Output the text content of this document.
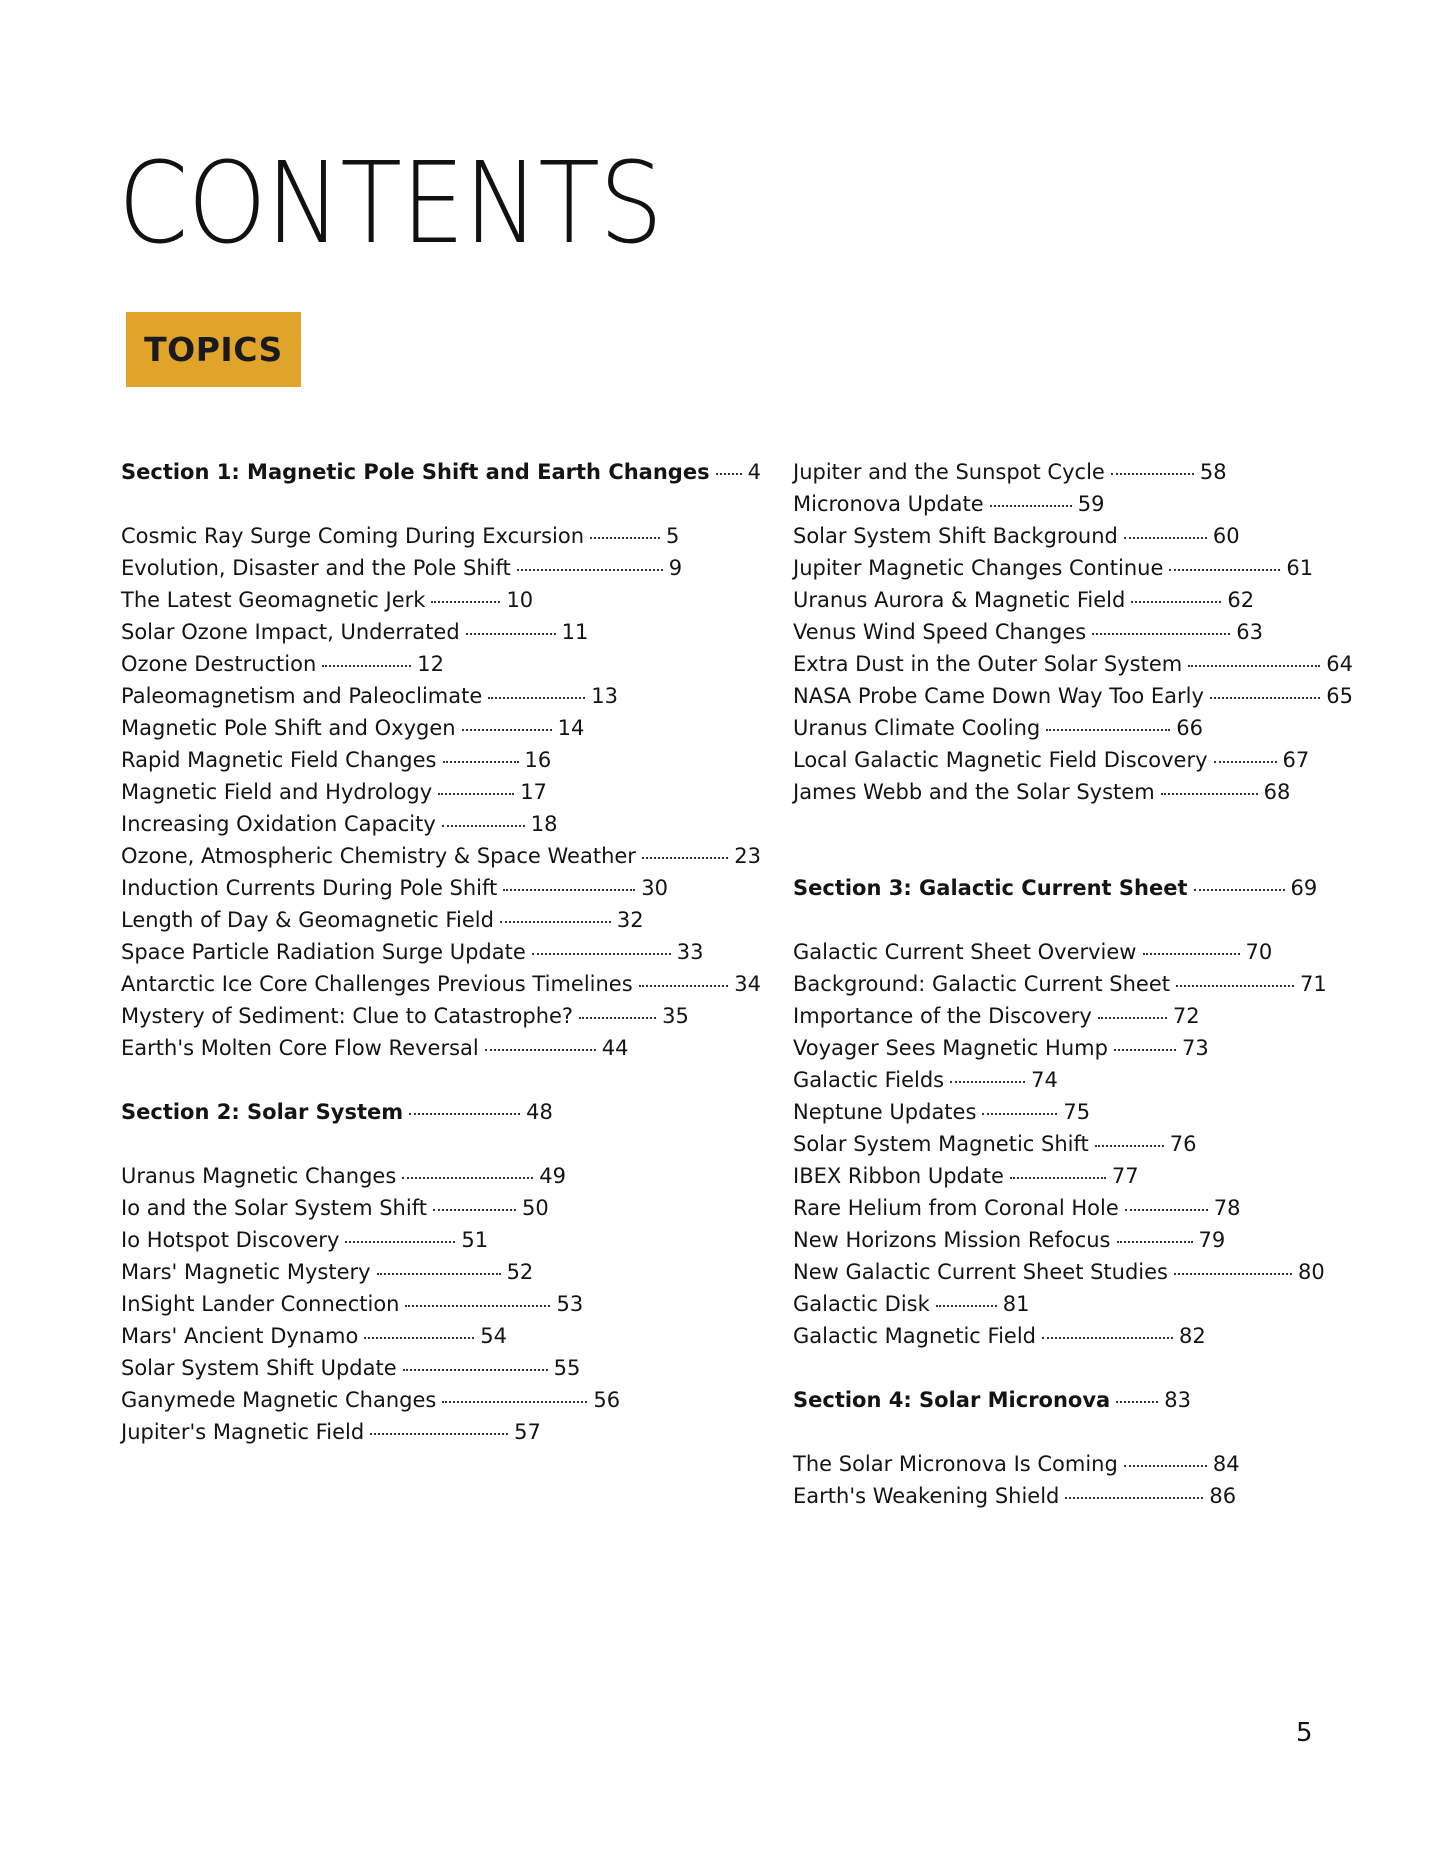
CONTENTS
TOPICS
Section 1: Magnetic Pole Shift and Earth Changes 4
Cosmic Ray Surge Coming During Excursion	5
Evolution, Disaster and the Pole Shift	9
The Latest Geomagnetic Jerk	10
Solar Ozone Impact, Underrated	11
Ozone Destruction	12
Paleomagnetism and Paleoclimate	13
Magnetic Pole Shift and Oxygen	14
Rapid Magnetic Field Changes	16
Magnetic Field and Hydrology	17
Increasing Oxidation Capacity	18
Ozone, Atmospheric Chemistry & Space Weather	23
Induction Currents During Pole Shift	30
Length of Day & Geomagnetic Field	32
Space Particle Radiation Surge Update	33
Antarctic Ice Core Challenges Previous Timelines	34
Mystery of Sediment: Clue to Catastrophe?	35
Earth's Molten Core Flow Reversal	44
Section 2: Solar System	48
Uranus Magnetic Changes	49
Io and the Solar System Shift	50
Io Hotspot Discovery	51
Mars' Magnetic Mystery	52
InSight Lander Connection	53
Mars' Ancient Dynamo	54
Solar System Shift Update	55
Ganymede Magnetic Changes	56
Jupiter's Magnetic Field	57
Jupiter and the Sunspot Cycle	58
Micronova Update	59
Solar System Shift Background	60
Jupiter Magnetic Changes Continue	61
Uranus Aurora & Magnetic Field	62
Venus Wind Speed Changes	63
Extra Dust in the Outer Solar System	64
NASA Probe Came Down Way Too Early	65
Uranus Climate Cooling	66
Local Galactic Magnetic Field Discovery	67
James Webb and the Solar System	68
Section 3: Galactic Current Sheet	69
Galactic Current Sheet Overview	70
Background: Galactic Current Sheet	71
Importance of the Discovery	72
Voyager Sees Magnetic Hump	73
Galactic Fields	74
Neptune Updates	75
Solar System Magnetic Shift	76
IBEX Ribbon Update	77
Rare Helium from Coronal Hole	78
New Horizons Mission Refocus	79
New Galactic Current Sheet Studies	80
Galactic Disk	81
Galactic Magnetic Field	82
Section 4: Solar Micronova	83
The Solar Micronova Is Coming	84
Earth's Weakening Shield	86
5
